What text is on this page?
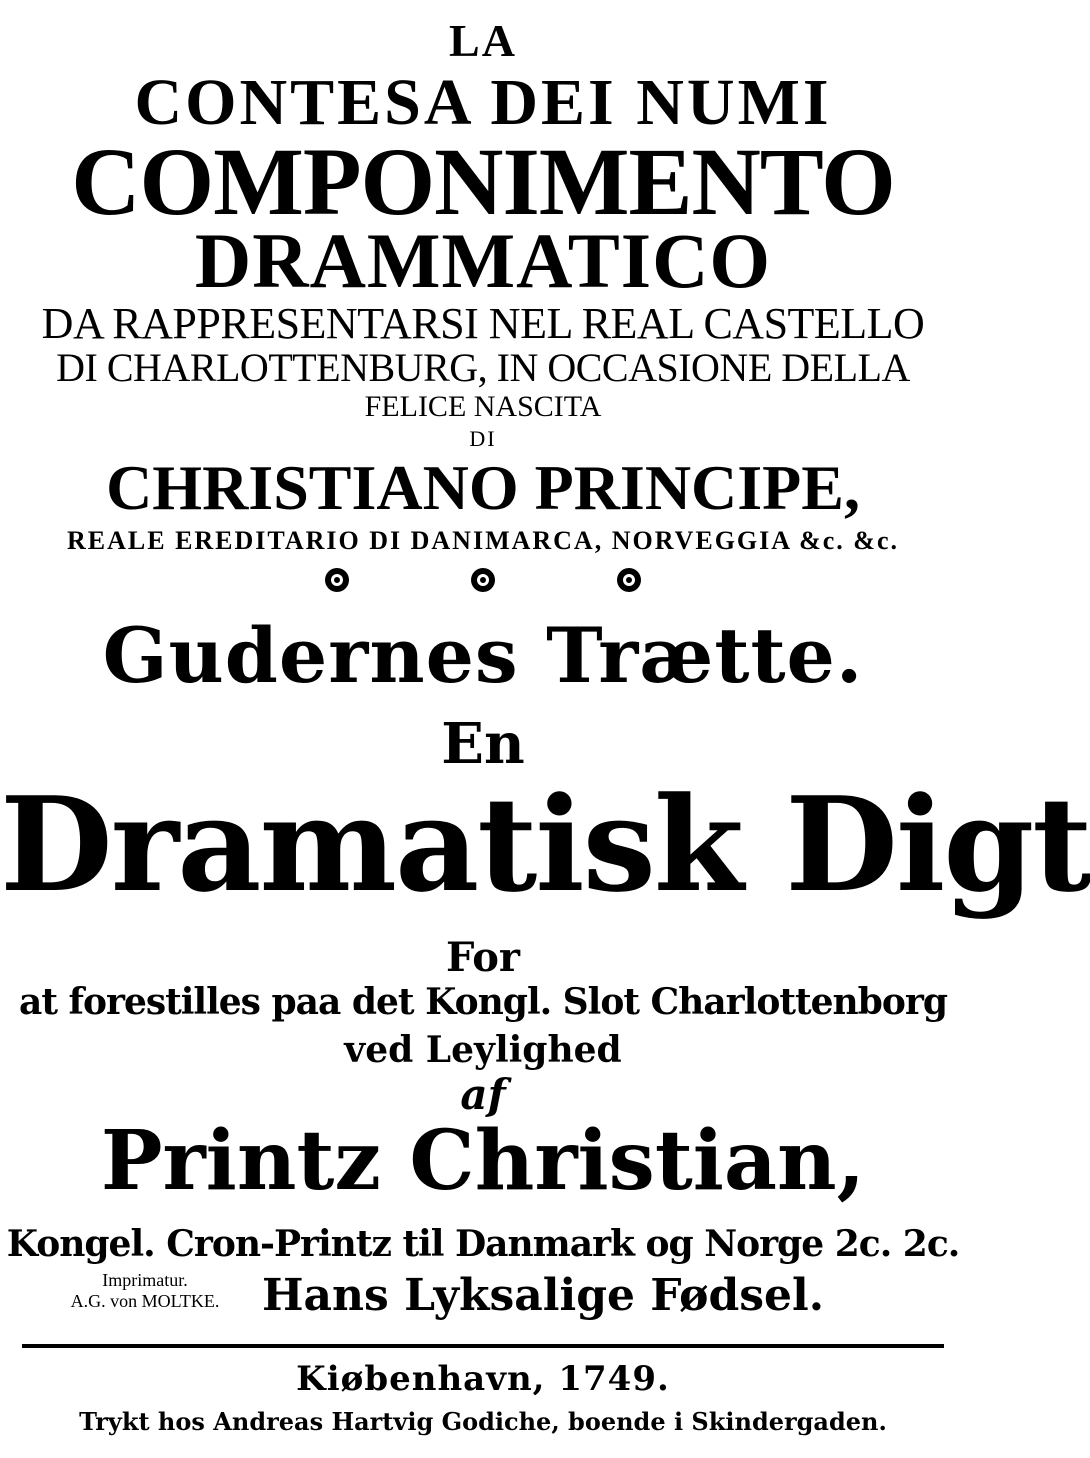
LA
CONTESA DEI NUMI
COMPONIMENTO
DRAMMATICO
DA RAPPRESENTARSI NEL REAL CASTELLO
DI CHARLOTTENBURG, IN OCCASIONE DELLA
FELICE NASCITA
DI
CHRISTIANO PRINCIPE,
REALE EREDITARIO DI DANIMARCA, NORVEGGIA &c. &c.
Gudernes Trætte.
En
Dramatisk Digt
For
at forestilles paa det Kongl. Slot Charlottenborg
ved Leylighed
af
Printz Christian,
Kongel. Cron-Printz til Danmark og Norge 2c. 2c.
Imprimatur.
A.G. von MOLTKE. Hans Lyksalige Fødsel.
Kiøbenhavn, 1749.
Trykt hos Andreas Hartvig Godiche, boende i Skindergaden.
